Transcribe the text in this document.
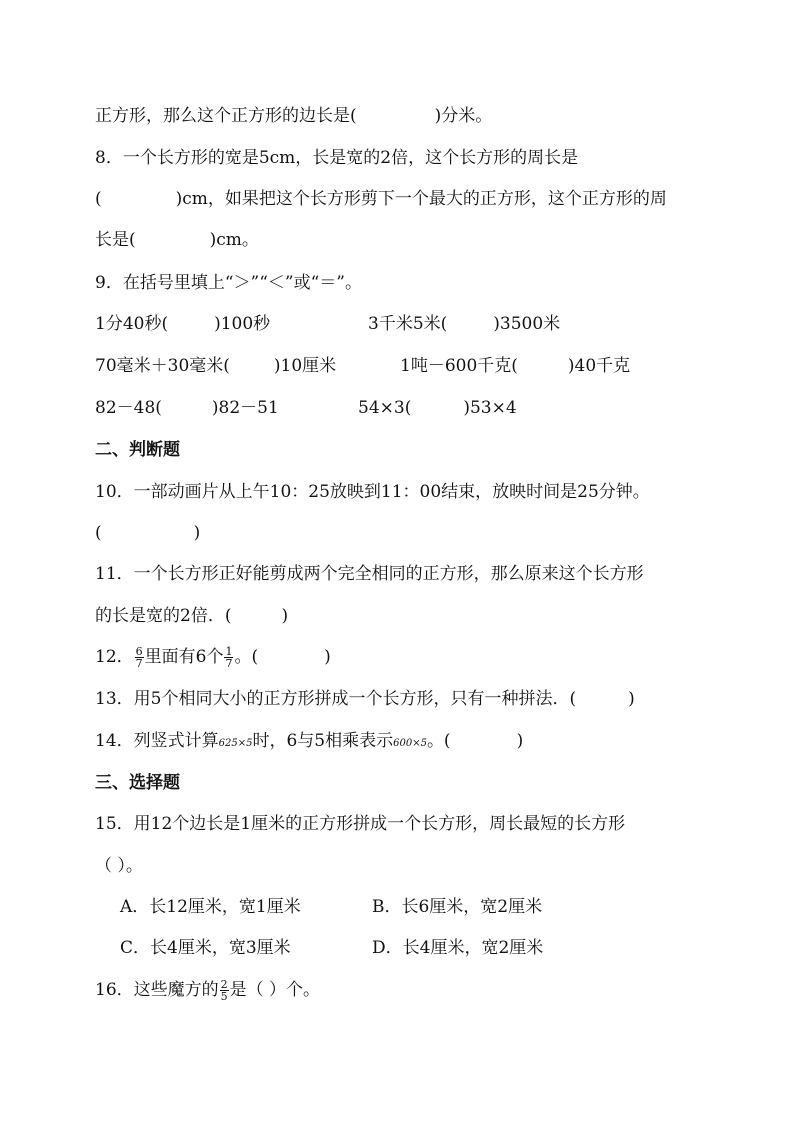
正方形，那么这个正方形的边长是(	)分米。
8．一个长方形的宽是5cm，长是宽的2倍，这个长方形的周长是
(	)cm，如果把这个长方形剪下一个最大的正方形，这个正方形的周
长是(	)cm。
9．在括号里填上“＞”“＜”或“＝”。
1分40秒(	)100秒	3千米5米(	)3500米
70毫米＋30毫米(	)10厘米	1吨－600千克(	)40千克
82－48(	)82－51	54×3(	)53×4
二、判断题
10．一部动画片从上午10：25放映到11：00结束，放映时间是25分钟。
(	)
11．一个长方形正好能剪成两个完全相同的正方形，那么原来这个长方形
的长是宽的2倍．(	)
12． $\frac{6}{7}$ 里面有6个 $\frac{1}{7}$ 。(	)
13．用5个相同大小的正方形拼成一个长方形，只有一种拼法．(	)
14．列竖式计算625×5时，6与5相乘表示600×5。(	)
三、选择题
15．用12个边长是1厘米的正方形拼成一个长方形，周长最短的长方形
（ ）。
A．长12厘米，宽1厘米	B．长6厘米，宽2厘米
C．长4厘米，宽3厘米	D．长4厘米，宽2厘米
16．这些魔方的 $\frac{2}{5}$ 是（ ）个。
